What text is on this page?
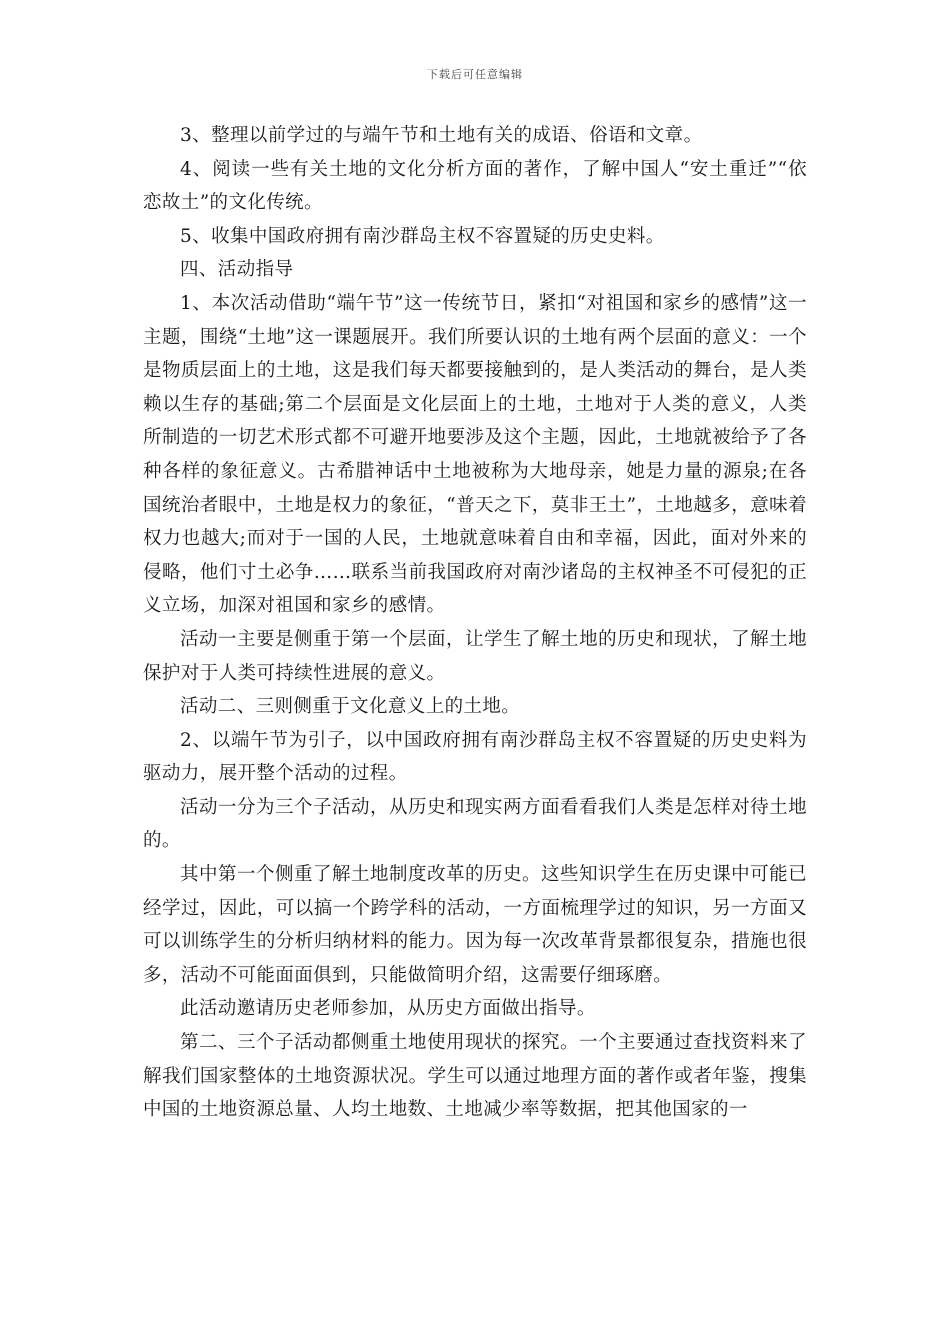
下载后可任意编辑

3、整理以前学过的与端午节和土地有关的成语、俗语和文章。

4、阅读一些有关土地的文化分析方面的著作，了解中国人“安土重迁”“依恋故土”的文化传统。

5、收集中国政府拥有南沙群岛主权不容置疑的历史史料。

四、活动指导

1、本次活动借助“端午节”这一传统节日，紧扣“对祖国和家乡的感情”这一主题，围绕“土地”这一课题展开。我们所要认识的土地有两个层面的意义：一个是物质层面上的土地，这是我们每天都要接触到的，是人类活动的舞台，是人类赖以生存的基础;第二个层面是文化层面上的土地，土地对于人类的意义，人类所制造的一切艺术形式都不可避开地要涉及这个主题，因此，土地就被给予了各种各样的象征意义。古希腊神话中土地被称为大地母亲，她是力量的源泉;在各国统治者眼中，土地是权力的象征，“普天之下，莫非王土”，土地越多，意味着权力也越大;而对于一国的人民，土地就意味着自由和幸福，因此，面对外来的侵略，他们寸土必争……联系当前我国政府对南沙诸岛的主权神圣不可侵犯的正义立场，加深对祖国和家乡的感情。

活动一主要是侧重于第一个层面，让学生了解土地的历史和现状，了解土地保护对于人类可持续性进展的意义。

活动二、三则侧重于文化意义上的土地。

2、以端午节为引子，以中国政府拥有南沙群岛主权不容置疑的历史史料为驱动力，展开整个活动的过程。

活动一分为三个子活动，从历史和现实两方面看看我们人类是怎样对待土地的。

其中第一个侧重了解土地制度改革的历史。这些知识学生在历史课中可能已经学过，因此，可以搞一个跨学科的活动，一方面梳理学过的知识，另一方面又可以训练学生的分析归纳材料的能力。因为每一次改革背景都很复杂，措施也很多，活动不可能面面俱到，只能做简明介绍，这需要仔细琢磨。

此活动邀请历史老师参加，从历史方面做出指导。

第二、三个子活动都侧重土地使用现状的探究。一个主要通过查找资料来了解我们国家整体的土地资源状况。学生可以通过地理方面的著作或者年鉴，搜集中国的土地资源总量、人均土地数、土地减少率等数据，把其他国家的一
